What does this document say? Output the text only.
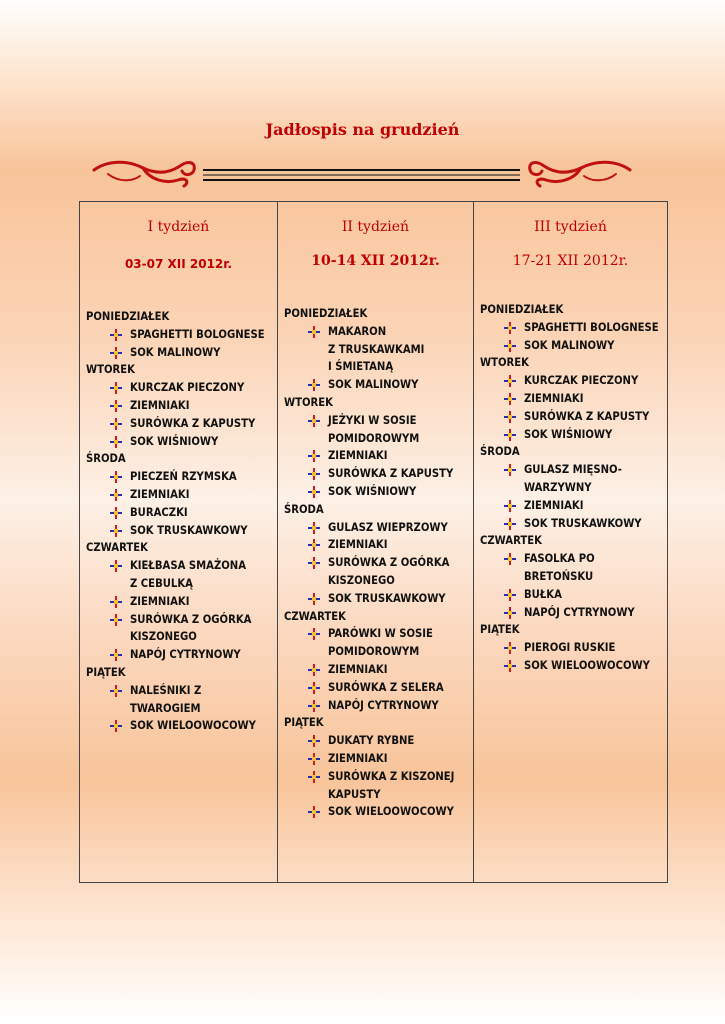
Jadłospis na grudzień
I tydzień
03-07 XII 2012r.
PONIEDZIAŁEK
SPAGHETTI BOLOGNESE
SOK MALINOWY
WTOREK
KURCZAK PIECZONY
ZIEMNIAKI
SURÓWKA Z KAPUSTY
SOK WIŚNIOWY
ŚRODA
PIECZEŃ RZYMSKA
ZIEMNIAKI
BURACZKI
SOK TRUSKAWKOWY
CZWARTEK
KIEŁBASA SMAŻONA
Z CEBULKĄ
ZIEMNIAKI
SURÓWKA Z OGÓRKA
KISZONEGO
NAPÓJ CYTRYNOWY
PIĄTEK
NALEŚNIKI Z TWAROGIEM
SOK WIELOOWOCOWY
II tydzień
10-14 XII 2012r.
PONIEDZIAŁEK
MAKARON
Z TRUSKAWKAMI
I ŚMIETANĄ
SOK MALINOWY
WTOREK
JEŻYKI W SOSIE
POMIDOROWYM
ZIEMNIAKI
SURÓWKA Z KAPUSTY
SOK WIŚNIOWY
ŚRODA
GULASZ WIEPRZOWY
ZIEMNIAKI
SURÓWKA Z OGÓRKA
KISZONEGO
SOK TRUSKAWKOWY
CZWARTEK
PARÓWKI W SOSIE
POMIDOROWYM
ZIEMNIAKI
SURÓWKA Z SELERA
NAPÓJ CYTRYNOWY
PIĄTEK
DUKATY RYBNE
ZIEMNIAKI
SURÓWKA Z KISZONEJ
KAPUSTY
SOK WIELOOWOCOWY
III tydzień
17-21 XII 2012r.
PONIEDZIAŁEK
SPAGHETTI BOLOGNESE
SOK MALINOWY
WTOREK
KURCZAK PIECZONY
ZIEMNIAKI
SURÓWKA Z KAPUSTY
SOK WIŚNIOWY
ŚRODA
GULASZ MIĘSNO-
WARZYWNY
ZIEMNIAKI
SOK TRUSKAWKOWY
CZWARTEK
FASOLKA PO BRETOŃSKU
BUŁKA
NAPÓJ CYTRYNOWY
PIĄTEK
PIEROGI RUSKIE
SOK WIELOOWOCOWY
